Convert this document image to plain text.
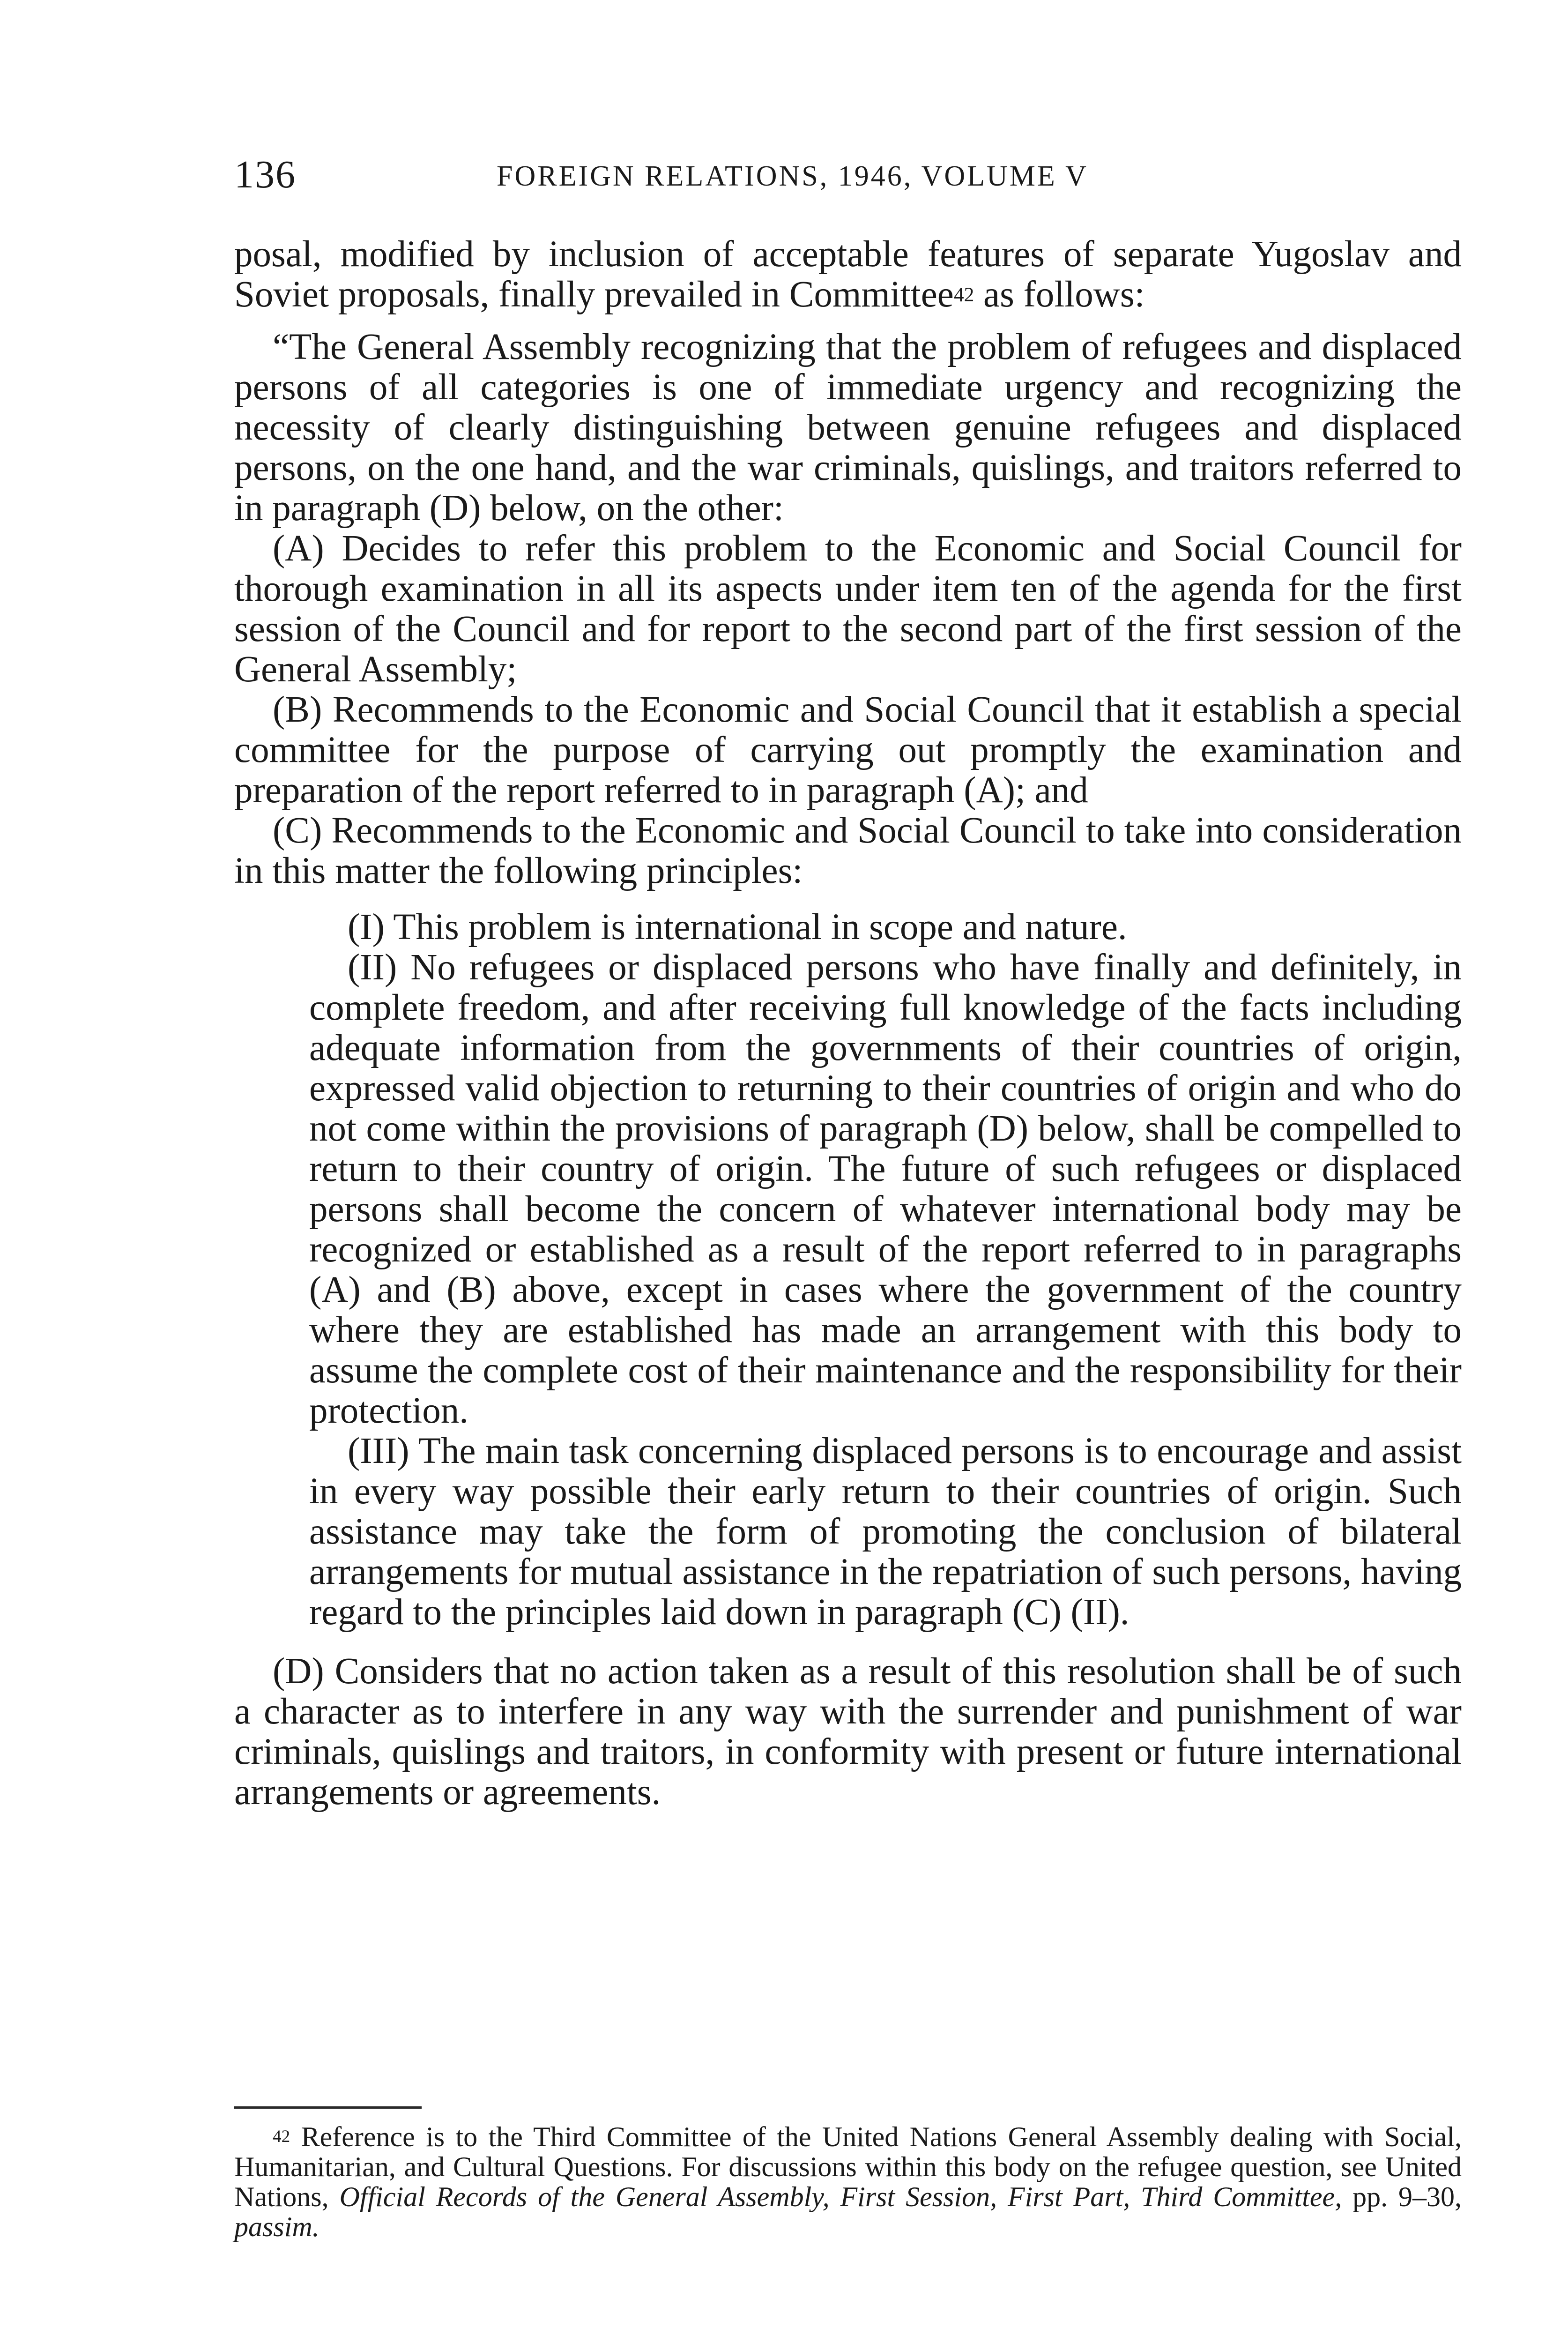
136	FOREIGN RELATIONS, 1946, VOLUME V

posal, modified by inclusion of acceptable features of separate Yugoslav and Soviet proposals, finally prevailed in Committee$^{42}$ as follows:

“The General Assembly recognizing that the problem of refugees and displaced persons of all categories is one of immediate urgency and recognizing the necessity of clearly distinguishing between genuine refugees and displaced persons, on the one hand, and the war criminals, quislings, and traitors referred to in paragraph (D) below, on the other:

(A) Decides to refer this problem to the Economic and Social Council for thorough examination in all its aspects under item ten of the agenda for the first session of the Council and for report to the second part of the first session of the General Assembly;

(B) Recommends to the Economic and Social Council that it establish a special committee for the purpose of carrying out promptly the examination and preparation of the report referred to in paragraph (A); and

(C) Recommends to the Economic and Social Council to take into consideration in this matter the following principles:

(I) This problem is international in scope and nature.

(II) No refugees or displaced persons who have finally and definitely, in complete freedom, and after receiving full knowledge of the facts including adequate information from the governments of their countries of origin, expressed valid objection to returning to their countries of origin and who do not come within the provisions of paragraph (D) below, shall be compelled to return to their country of origin. The future of such refugees or displaced persons shall become the concern of whatever international body may be recognized or established as a result of the report referred to in paragraphs (A) and (B) above, except in cases where the government of the country where they are established has made an arrangement with this body to assume the complete cost of their maintenance and the responsibility for their protection.

(III) The main task concerning displaced persons is to encourage and assist in every way possible their early return to their countries of origin. Such assistance may take the form of promoting the conclusion of bilateral arrangements for mutual assistance in the repatriation of such persons, having regard to the principles laid down in paragraph (C) (II).

(D) Considers that no action taken as a result of this resolution shall be of such a character as to interfere in any way with the surrender and punishment of war criminals, quislings and traitors, in conformity with present or future international arrangements or agreements.

$^{42}$ Reference is to the Third Committee of the United Nations General Assembly dealing with Social, Humanitarian, and Cultural Questions. For discussions within this body on the refugee question, see United Nations, Official Records of the General Assembly, First Session, First Part, Third Committee, pp. 9–30, passim.
